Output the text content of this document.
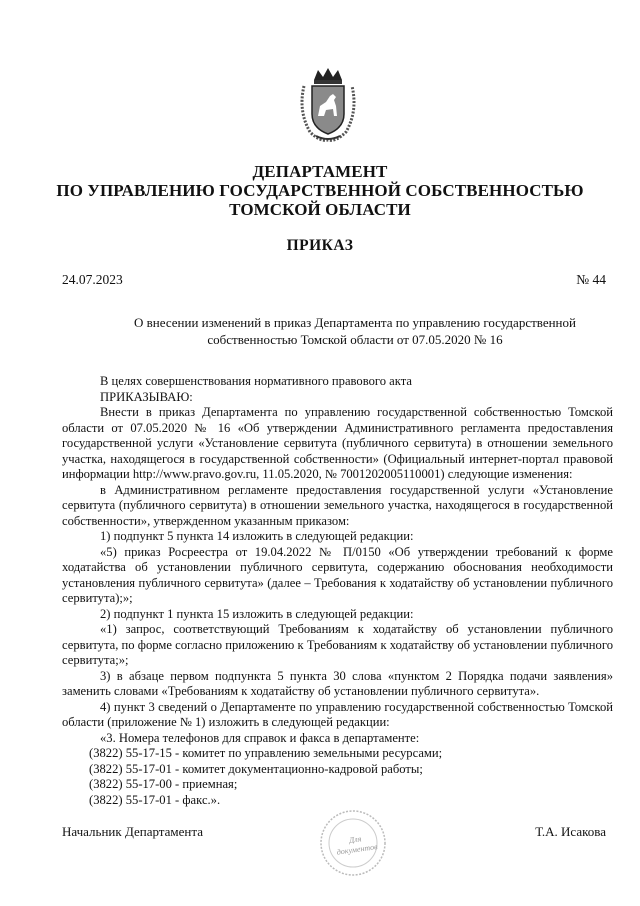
ДЕПАРТАМЕНТ
ПО УПРАВЛЕНИЮ ГОСУДАРСТВЕННОЙ СОБСТВЕННОСТЬЮ
ТОМСКОЙ ОБЛАСТИ
ПРИКАЗ
24.07.2023	№ 44
О внесении изменений в приказ Департамента по управлению государственной
собственностью Томской области от 07.05.2020 № 16

В целях совершенствования нормативного правового акта

ПРИКАЗЫВАЮ:

Внести в приказ Департамента по управлению государственной собственностью Томской области от 07.05.2020 № 16 «Об утверждении Административного регламента предоставления государственной услуги «Установление сервитута (публичного сервитута) в отношении земельного участка, находящегося в государственной собственности» (Официальный интернет-портал правовой информации http://www.pravo.gov.ru, 11.05.2020, № 7001202005110001) следующие изменения:

в Административном регламенте предоставления государственной услуги «Установление сервитута (публичного сервитута) в отношении земельного участка, находящегося в государственной собственности», утвержденном указанным приказом:

1) подпункт 5 пункта 14 изложить в следующей редакции:

«5) приказ Росреестра от 19.04.2022 № П/0150 «Об утверждении требований к форме ходатайства об установлении публичного сервитута, содержанию обоснования необходимости установления публичного сервитута» (далее – Требования к ходатайству об установлении публичного сервитута);»;

2) подпункт 1 пункта 15 изложить в следующей редакции:

«1) запрос, соответствующий Требованиям к ходатайству об установлении публичного сервитута, по форме согласно приложению к Требованиям к ходатайству об установлении публичного сервитута;»;

3) в абзаце первом подпункта 5 пункта 30 слова «пунктом 2 Порядка подачи заявления» заменить словами «Требованиям к ходатайству об установлении публичного сервитута».

4) пункт 3 сведений о Департаменте по управлению государственной собственностью Томской области (приложение № 1) изложить в следующей редакции:

«3. Номера телефонов для справок и факса в департаменте:

(3822) 55-17-15 - комитет по управлению земельными ресурсами;

(3822) 55-17-01 - комитет документационно-кадровой работы;

(3822) 55-17-00 - приемная;

(3822) 55-17-01 - факс.».

Для документов
Начальник Департамента	Т.А. Исакова
